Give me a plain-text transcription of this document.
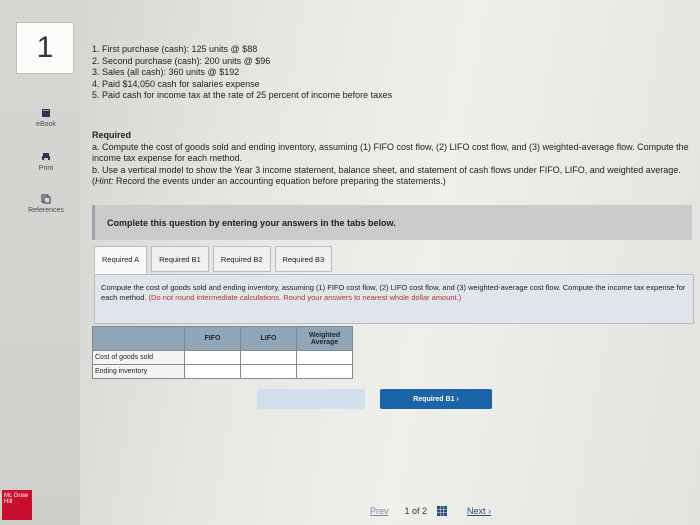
1
eBook
Print
References
Mc Graw Hill
1. First purchase (cash): 125 units @ $88
2. Second purchase (cash): 200 units @ $96
3. Sales (all cash): 360 units @ $192
4. Paid $14,050 cash for salaries expense
5. Paid cash for income tax at the rate of 25 percent of income before taxes
Required
a. Compute the cost of goods sold and ending inventory, assuming (1) FIFO cost flow, (2) LIFO cost flow, and (3) weighted-average flow. Compute the income tax expense for each method.
b. Use a vertical model to show the Year 3 income statement, balance sheet, and statement of cash flows under FIFO, LIFO, and weighted average. (Hint: Record the events under an accounting equation before preparing the statements.)
Complete this question by entering your answers in the tabs below.
Required A	Required B1	Required B2	Required B3
Compute the cost of goods sold and ending inventory, assuming (1) FIFO cost flow, (2) LIFO cost flow, and (3) weighted-average cost flow. Compute the income tax expense for each method. (Do not round intermediate calculations. Round your answers to nearest whole dollar amount.)
	FIFO	LIFO	Weighted Average
Cost of goods sold			
Ending inventory			
Required B1 ›
Prev 1 of 2	Next ›
